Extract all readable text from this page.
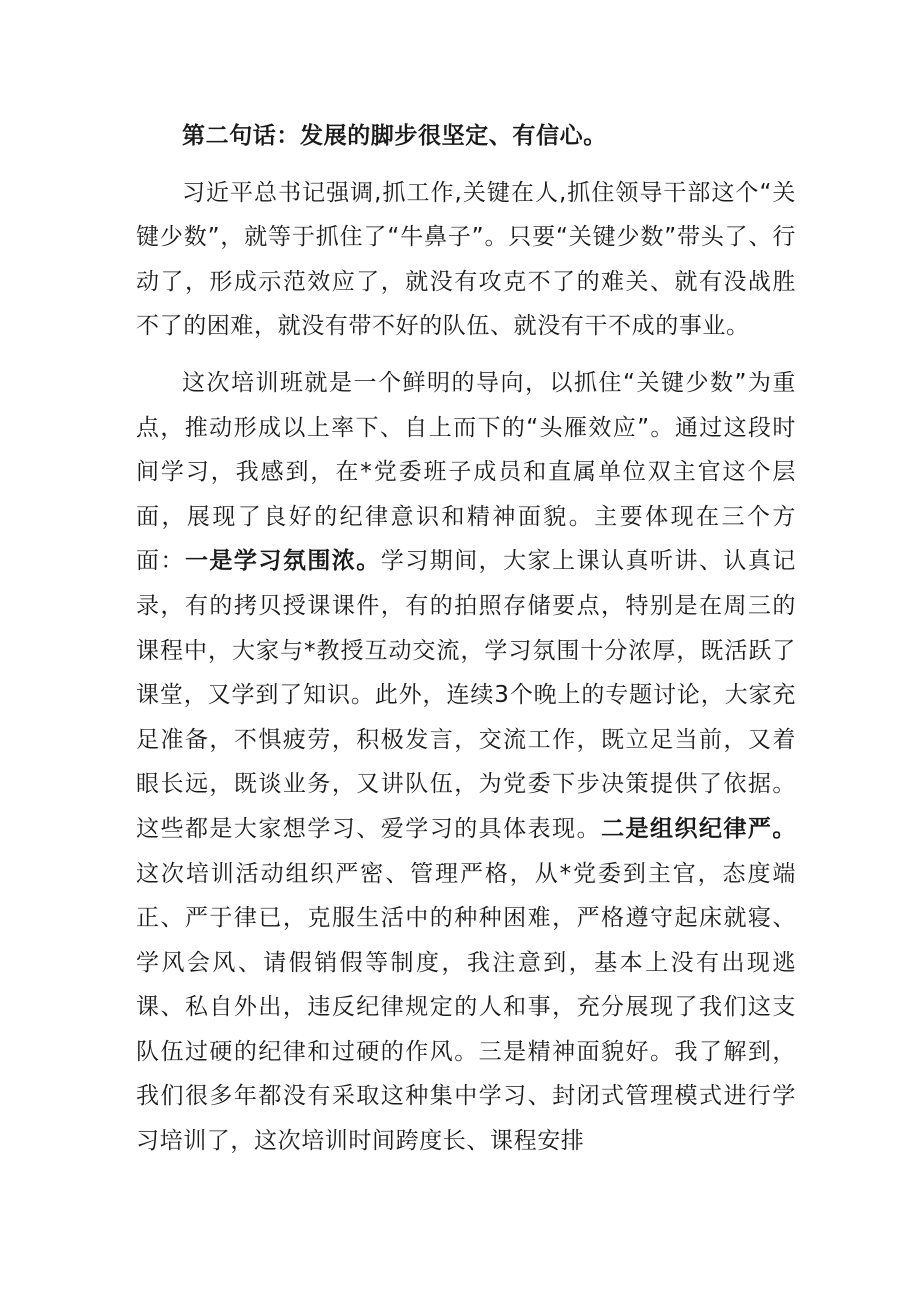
第二句话：发展的脚步很坚定、有信心。

习近平总书记强调,抓工作,关键在人,抓住领导干部这个“关键少数”，就等于抓住了“牛鼻子”。只要“关键少数”带头了、行动了，形成示范效应了，就没有攻克不了的难关、就有没战胜不了的困难，就没有带不好的队伍、就没有干不成的事业。

这次培训班就是一个鲜明的导向，以抓住“关键少数”为重点，推动形成以上率下、自上而下的“头雁效应”。通过这段时间学习，我感到，在*党委班子成员和直属单位双主官这个层面，展现了良好的纪律意识和精神面貌。主要体现在三个方面：一是学习氛围浓。学习期间，大家上课认真听讲、认真记录，有的拷贝授课课件，有的拍照存储要点，特别是在周三的课程中，大家与*教授互动交流，学习氛围十分浓厚，既活跃了课堂，又学到了知识。此外，连续3个晚上的专题讨论，大家充足准备，不惧疲劳，积极发言，交流工作，既立足当前，又着眼长远，既谈业务，又讲队伍，为党委下步决策提供了依据。这些都是大家想学习、爱学习的具体表现。二是组织纪律严。这次培训活动组织严密、管理严格，从*党委到主官，态度端正、严于律已，克服生活中的种种困难，严格遵守起床就寝、学风会风、请假销假等制度，我注意到，基本上没有出现逃课、私自外出，违反纪律规定的人和事，充分展现了我们这支队伍过硬的纪律和过硬的作风。三是精神面貌好。我了解到，我们很多年都没有采取这种集中学习、封闭式管理模式进行学习培训了，这次培训时间跨度长、课程安排
